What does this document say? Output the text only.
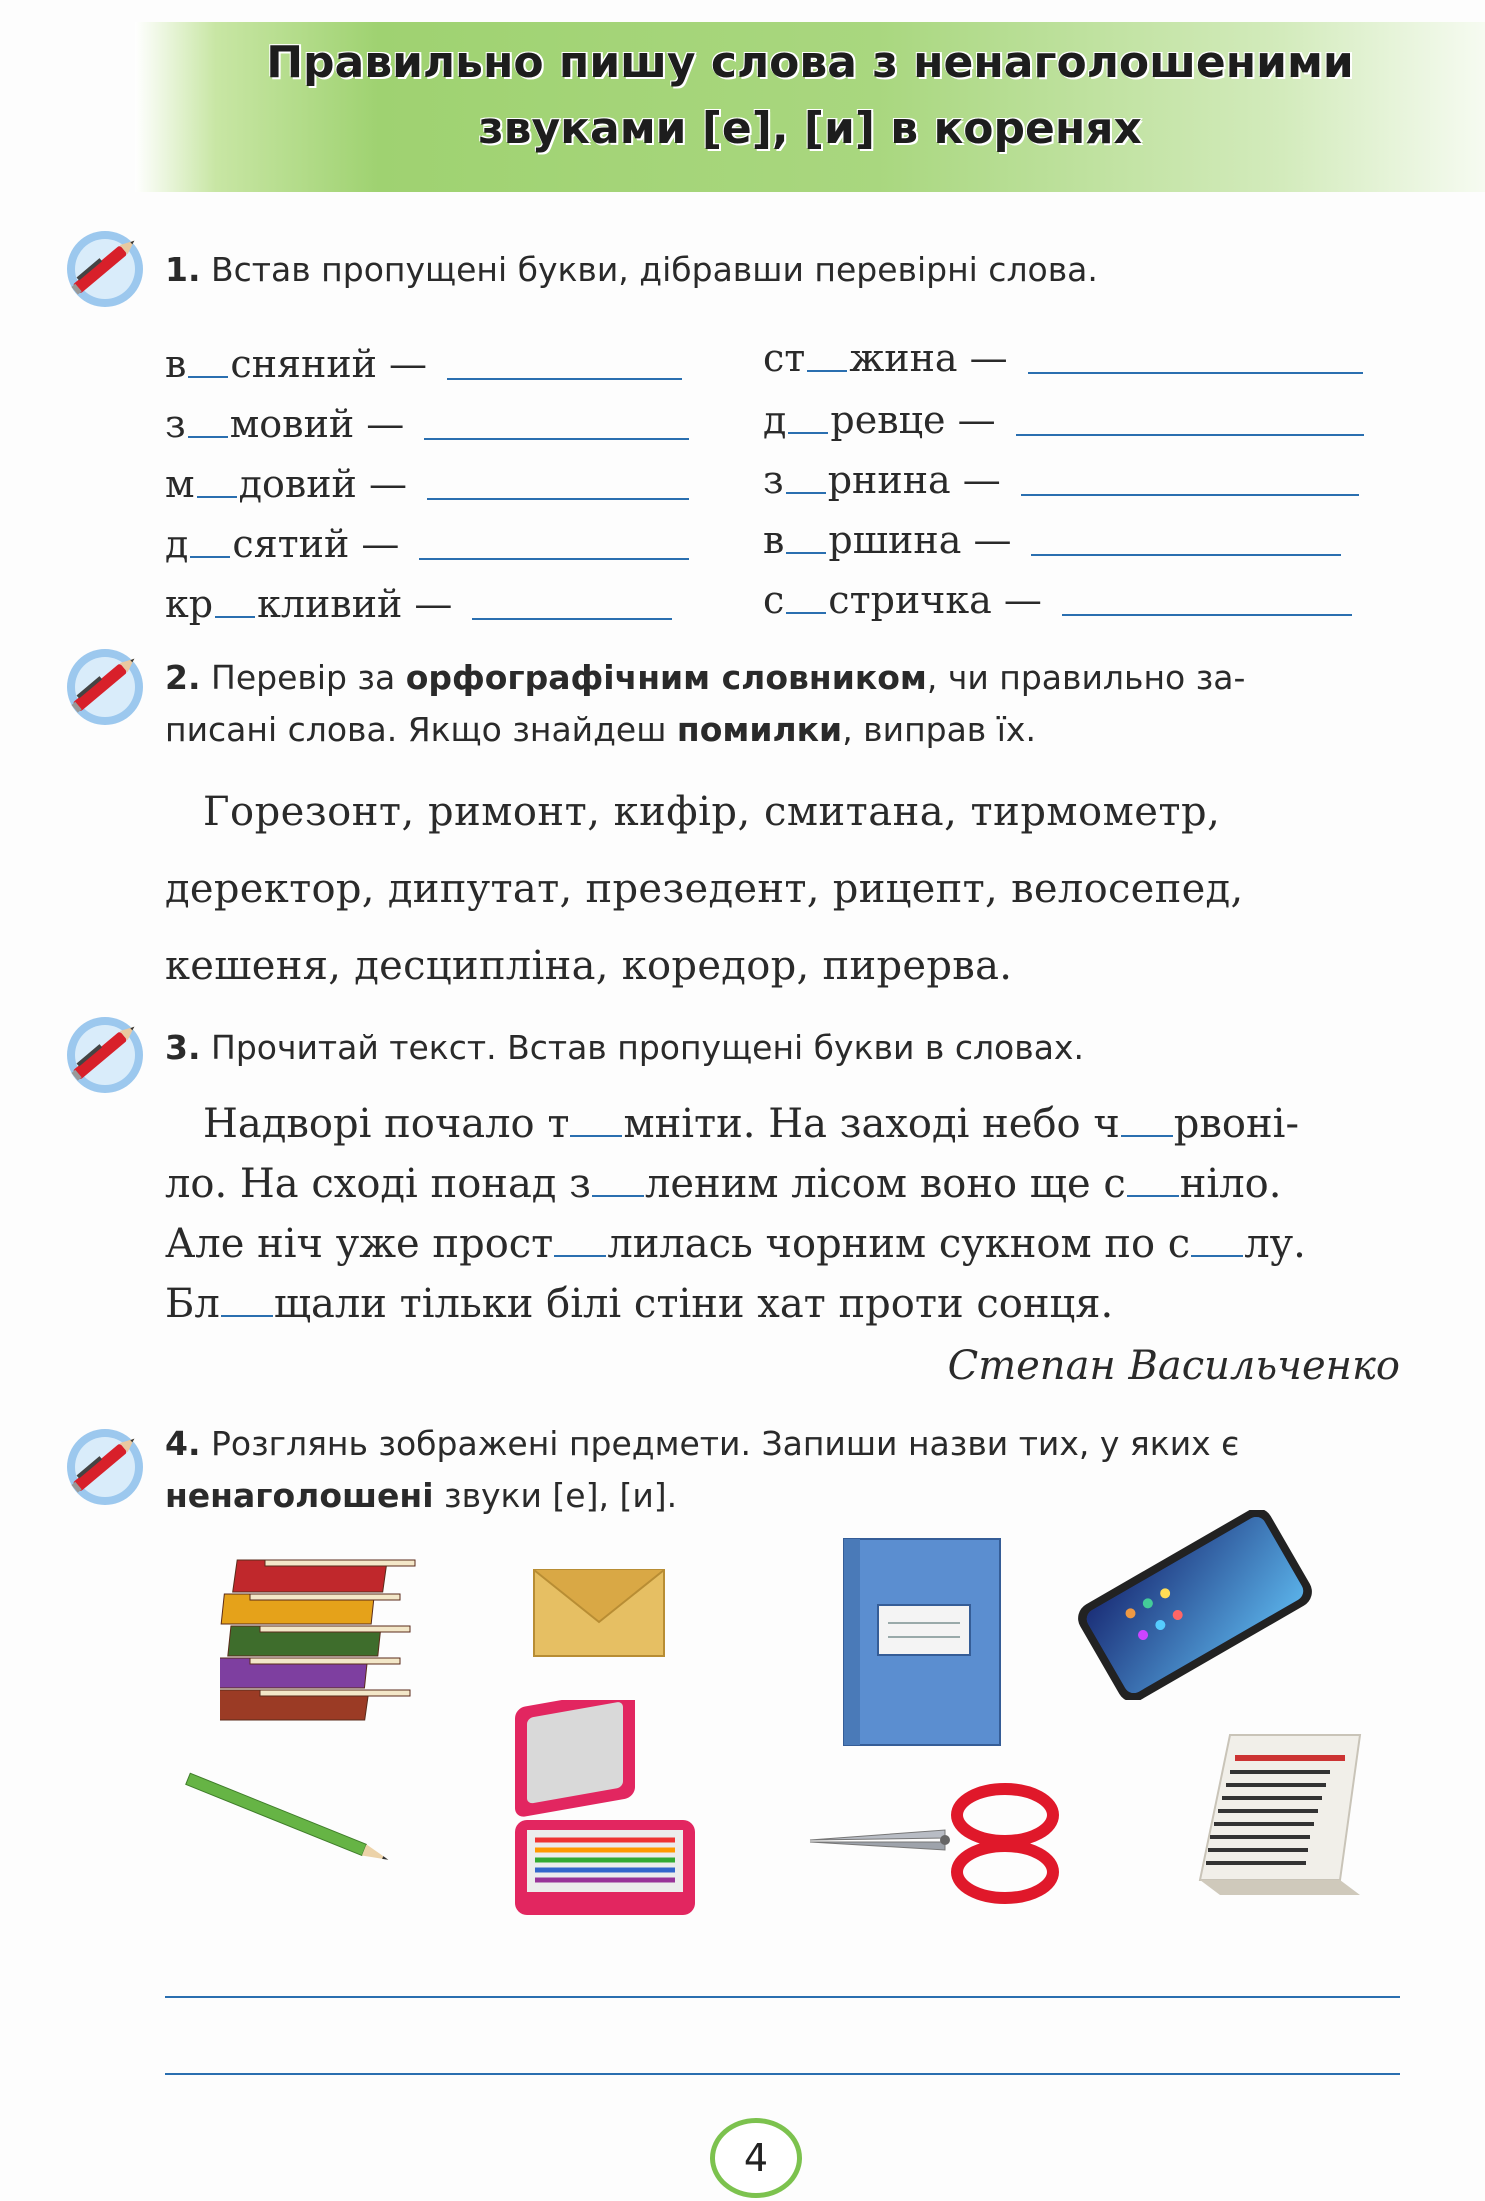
Правильно пишу слова з ненаголошеними
звуками [е], [и] в коренях
1. Встав пропущені букви, дібравши перевірні слова.
в сняний —
з мовий —
м довий —
д сятий —
кр кливий —
ст жина —
д ревце —
з рнина —
в ршина —
с стричка —
2. Перевір за орфографічним словником, чи правильно за-
писані слова. Якщо знайдеш помилки, виправ їх.
Горезонт, римонт, кифір, смитана, тирмометр,
деректор, дипутат, презедент, рицепт, велосепед,
кешеня, десципліна, коредор, пирерва.
3. Прочитай текст. Встав пропущені букви в словах.
Надворі почало т мніти. На заході небо ч рвоні-
ло. На сході понад з леним лісом воно ще с ніло.
Але ніч уже прост лилась чорним сукном по с лу.
Бл щали тільки білі стіни хат проти сонця.
Степан Васильченко
4. Розглянь зображені предмети. Запиши назви тих, у яких є
ненаголошені звуки [е], [и].
4
